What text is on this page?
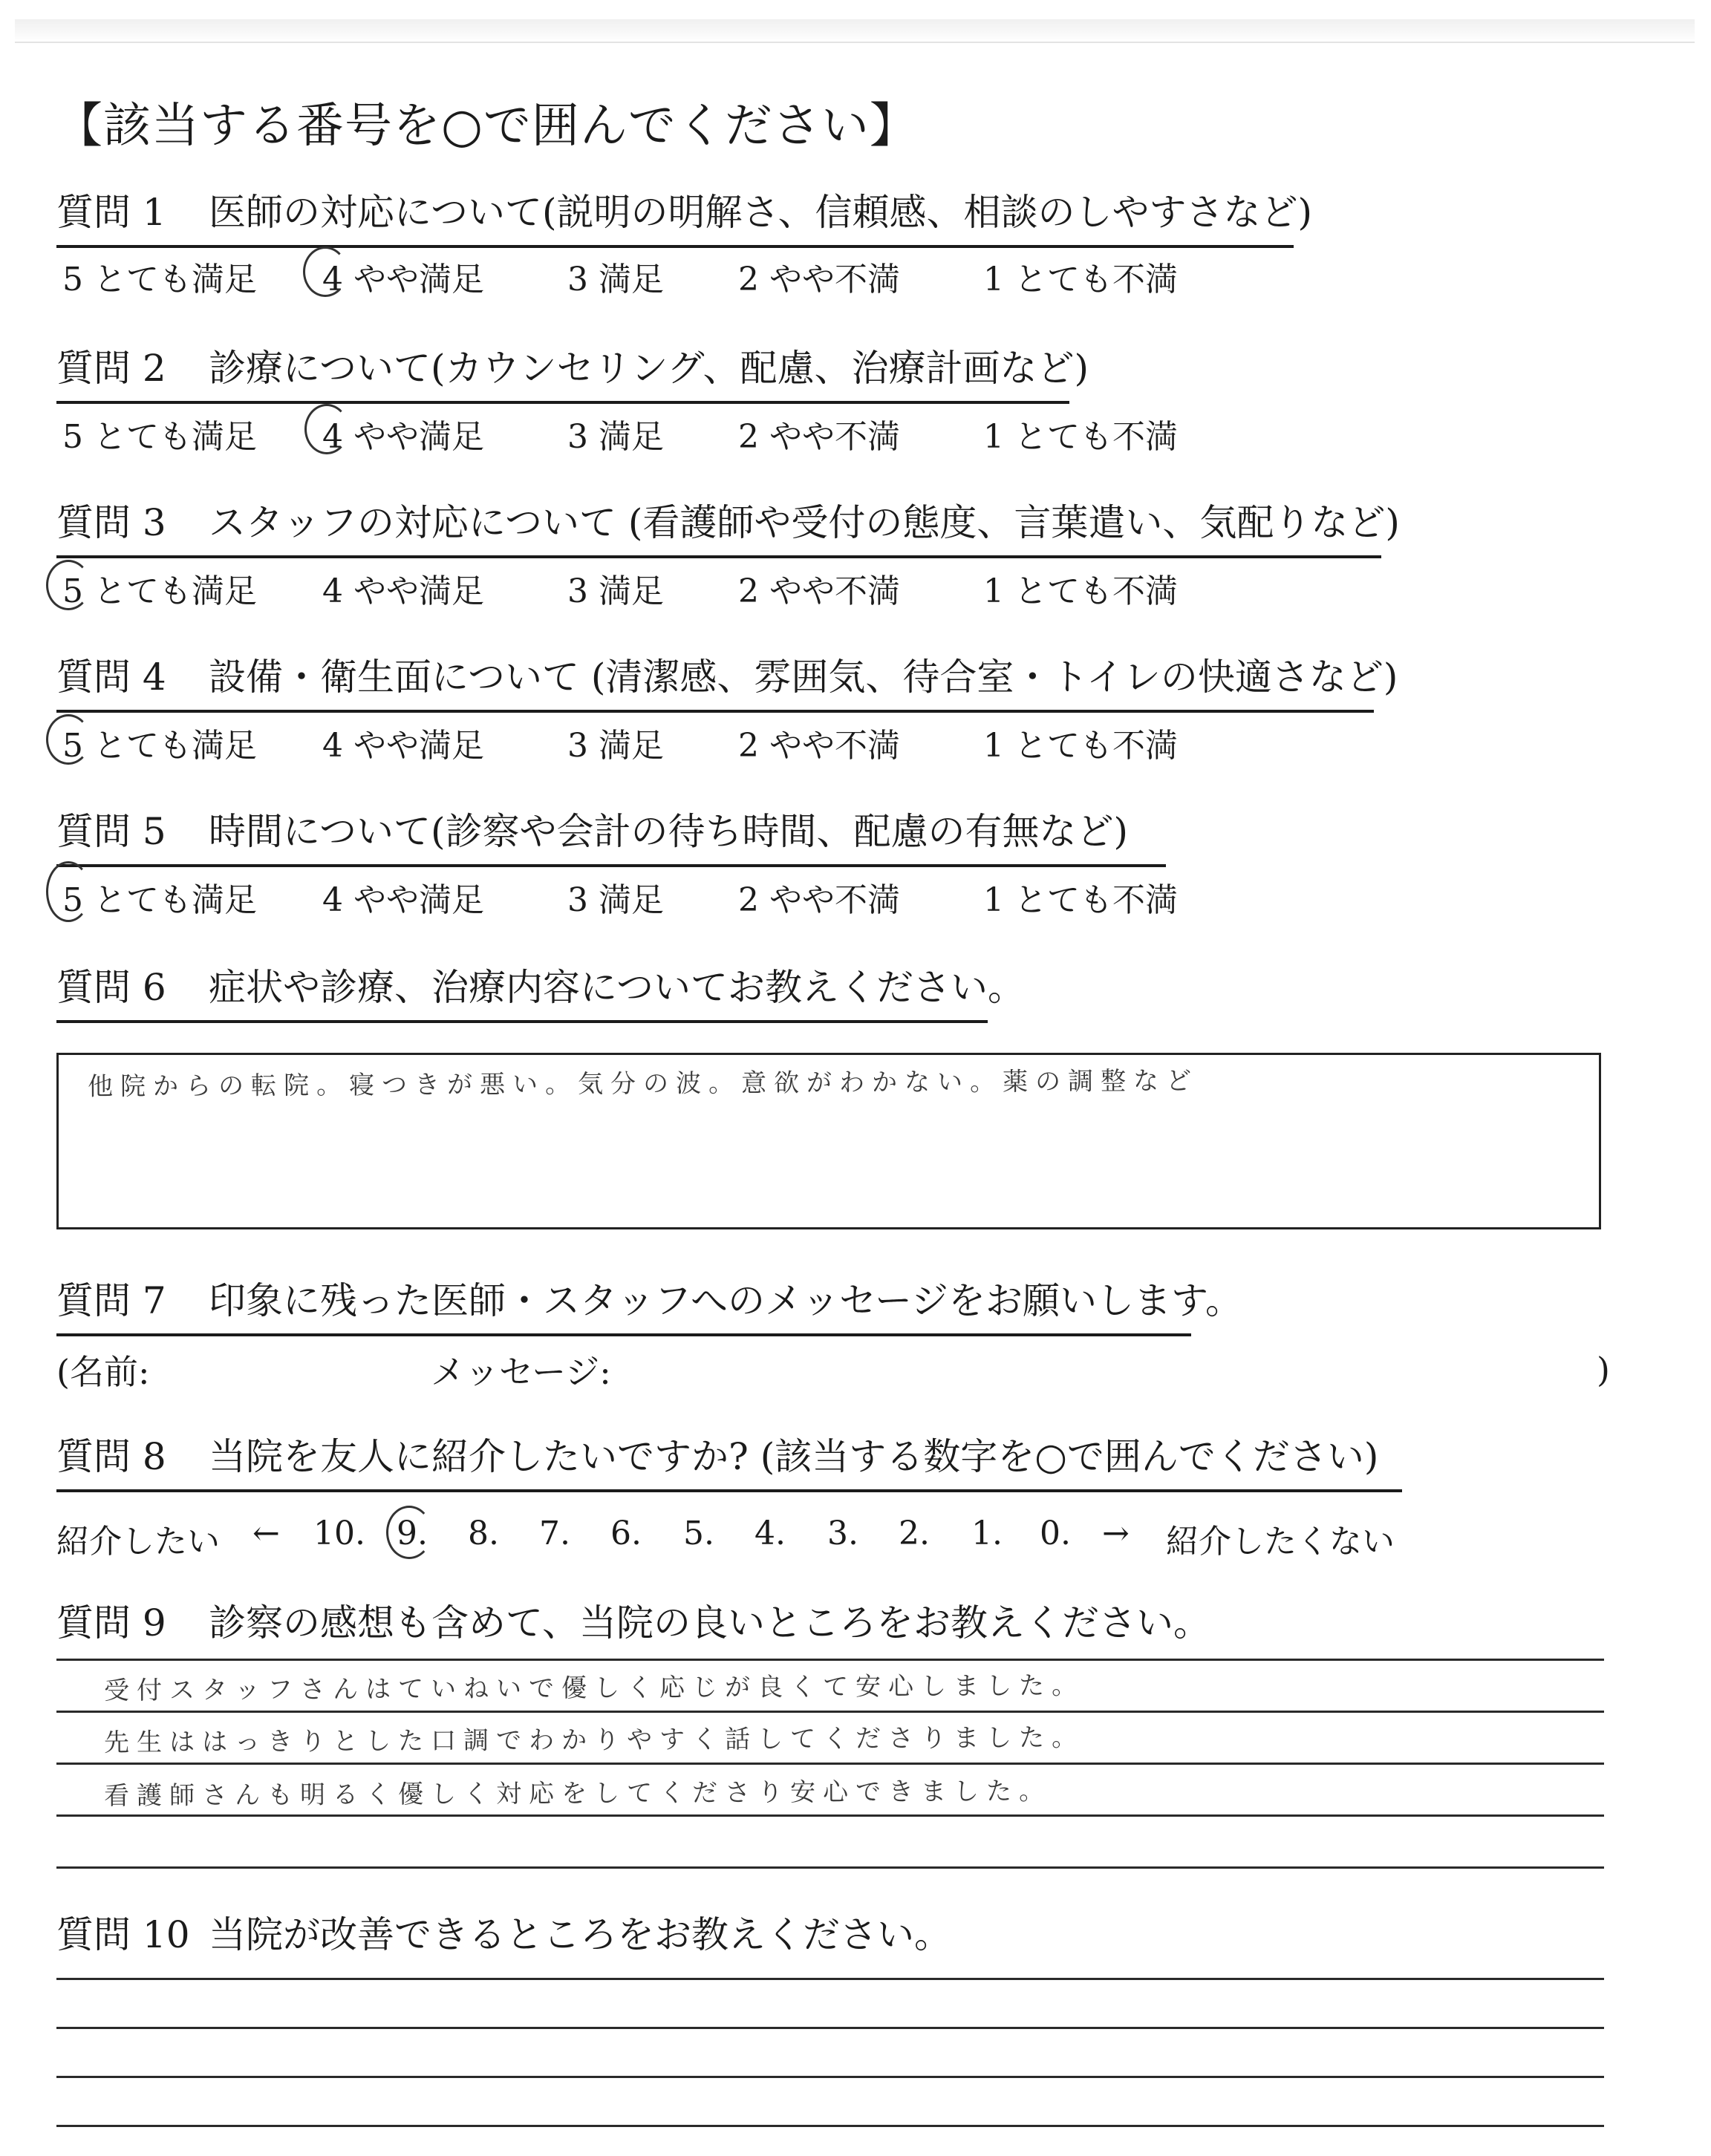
【該当する番号を○で囲んでください】
質問 1 医師の対応について(説明の明解さ、信頼感、相談のしやすさなど)
5 とても満足 4 やや満足	3 満足 2 やや不満	1 とても不満
質問 2 診療について(カウンセリング、配慮、治療計画など)
5 とても満足 4 やや満足	3 満足 2 やや不満	1 とても不満
質問 3 スタッフの対応について (看護師や受付の態度、言葉遣い、気配りなど)
5 とても満足 4 やや満足	3 満足 2 やや不満	1 とても不満
質問 4 設備・衛生面について (清潔感、雰囲気、待合室・トイレの快適さなど)
5 とても満足 4 やや満足	3 満足 2 やや不満	1 とても不満
質問 5 時間について(診察や会計の待ち時間、配慮の有無など)
5 とても満足 4 やや満足	3 満足 2 やや不満	1 とても不満
質問 6 症状や診療、治療内容についてお教えください。
他院からの転院。寝つきが悪い。気分の波。意欲がわかない。薬の調整など
質問 7 印象に残った医師・スタッフへのメッセージをお願いします。
(名前:	メッセージ:	)
質問 8 当院を友人に紹介したいですか? (該当する数字を○で囲んでください)
紹介したい ← 10. 9. 8. 7. 6. 5. 4. 3. 2. 1. 0. → 紹介したくない
質問 9 診察の感想も含めて、当院の良いところをお教えください。
受付スタッフさんはていねいで優しく応じが良くて安心しました。
先生ははっきりとした口調でわかりやすく話してくださりました。
看護師さんも明るく優しく対応をしてくださり安心できました。
質問 10 当院が改善できるところをお教えください。
